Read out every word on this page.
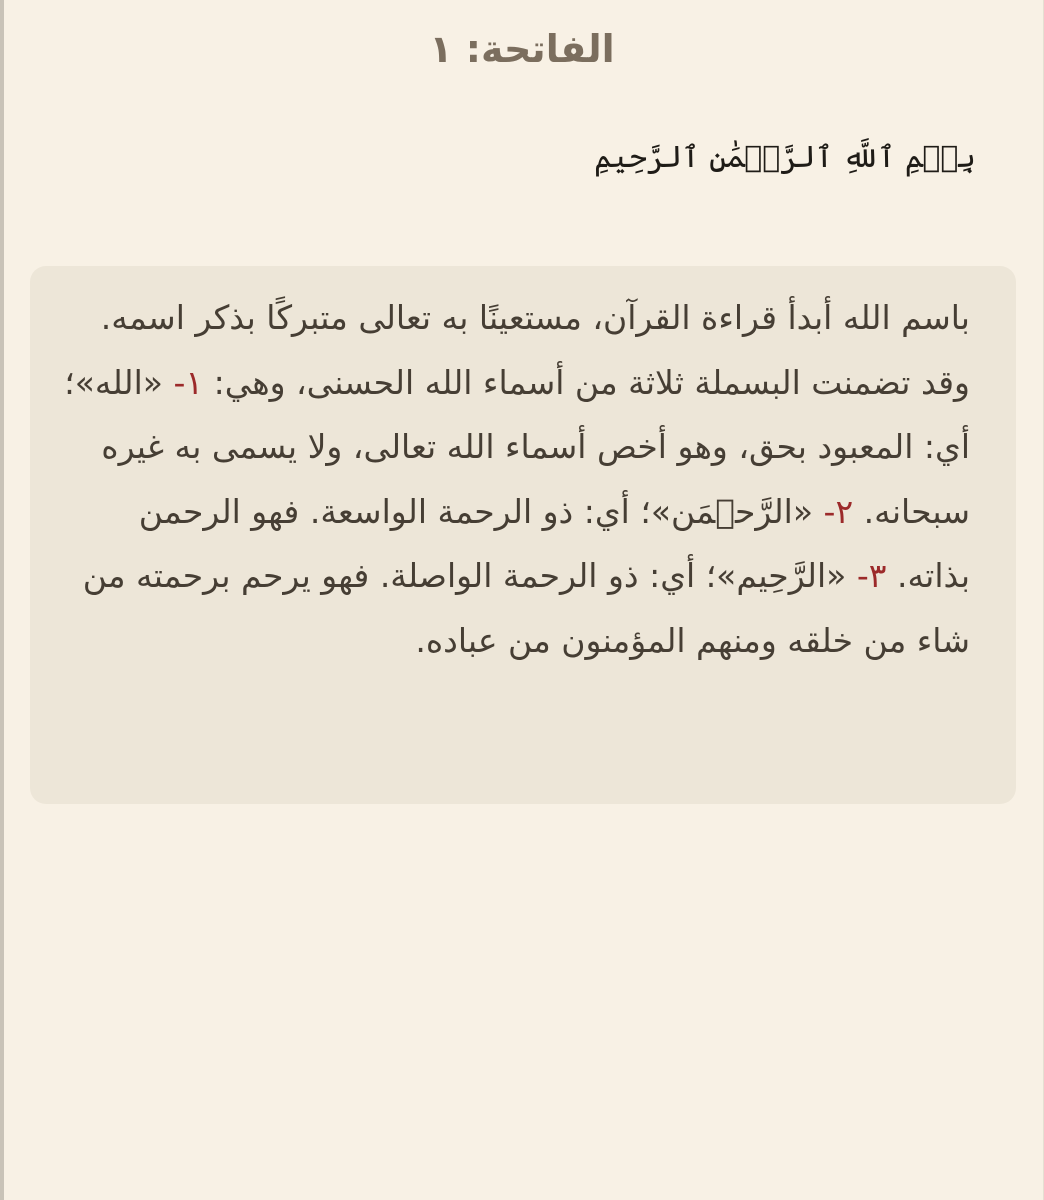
الفاتحة: ١
بِسۡمِ ٱللَّهِ ٱلرَّحۡمَٰنِ ٱلرَّحِيمِ

باسم الله أبدأ قراءة القرآن، مستعينًا به تعالى متبركًا بذكر اسمه. وقد تضمنت البسملة ثلاثة من أسماء الله الحسنى، وهي: ١- «الله»؛ أي: المعبود بحق، وهو أخص أسماء الله تعالى، ولا يسمى به غيره سبحانه. ٢- «الرَّحۡمَن»؛ أي: ذو الرحمة الواسعة. فهو الرحمن بذاته. ٣- «الرَّحِيم»؛ أي: ذو الرحمة الواصلة. فهو يرحم برحمته من شاء من خلقه ومنهم المؤمنون من عباده.
